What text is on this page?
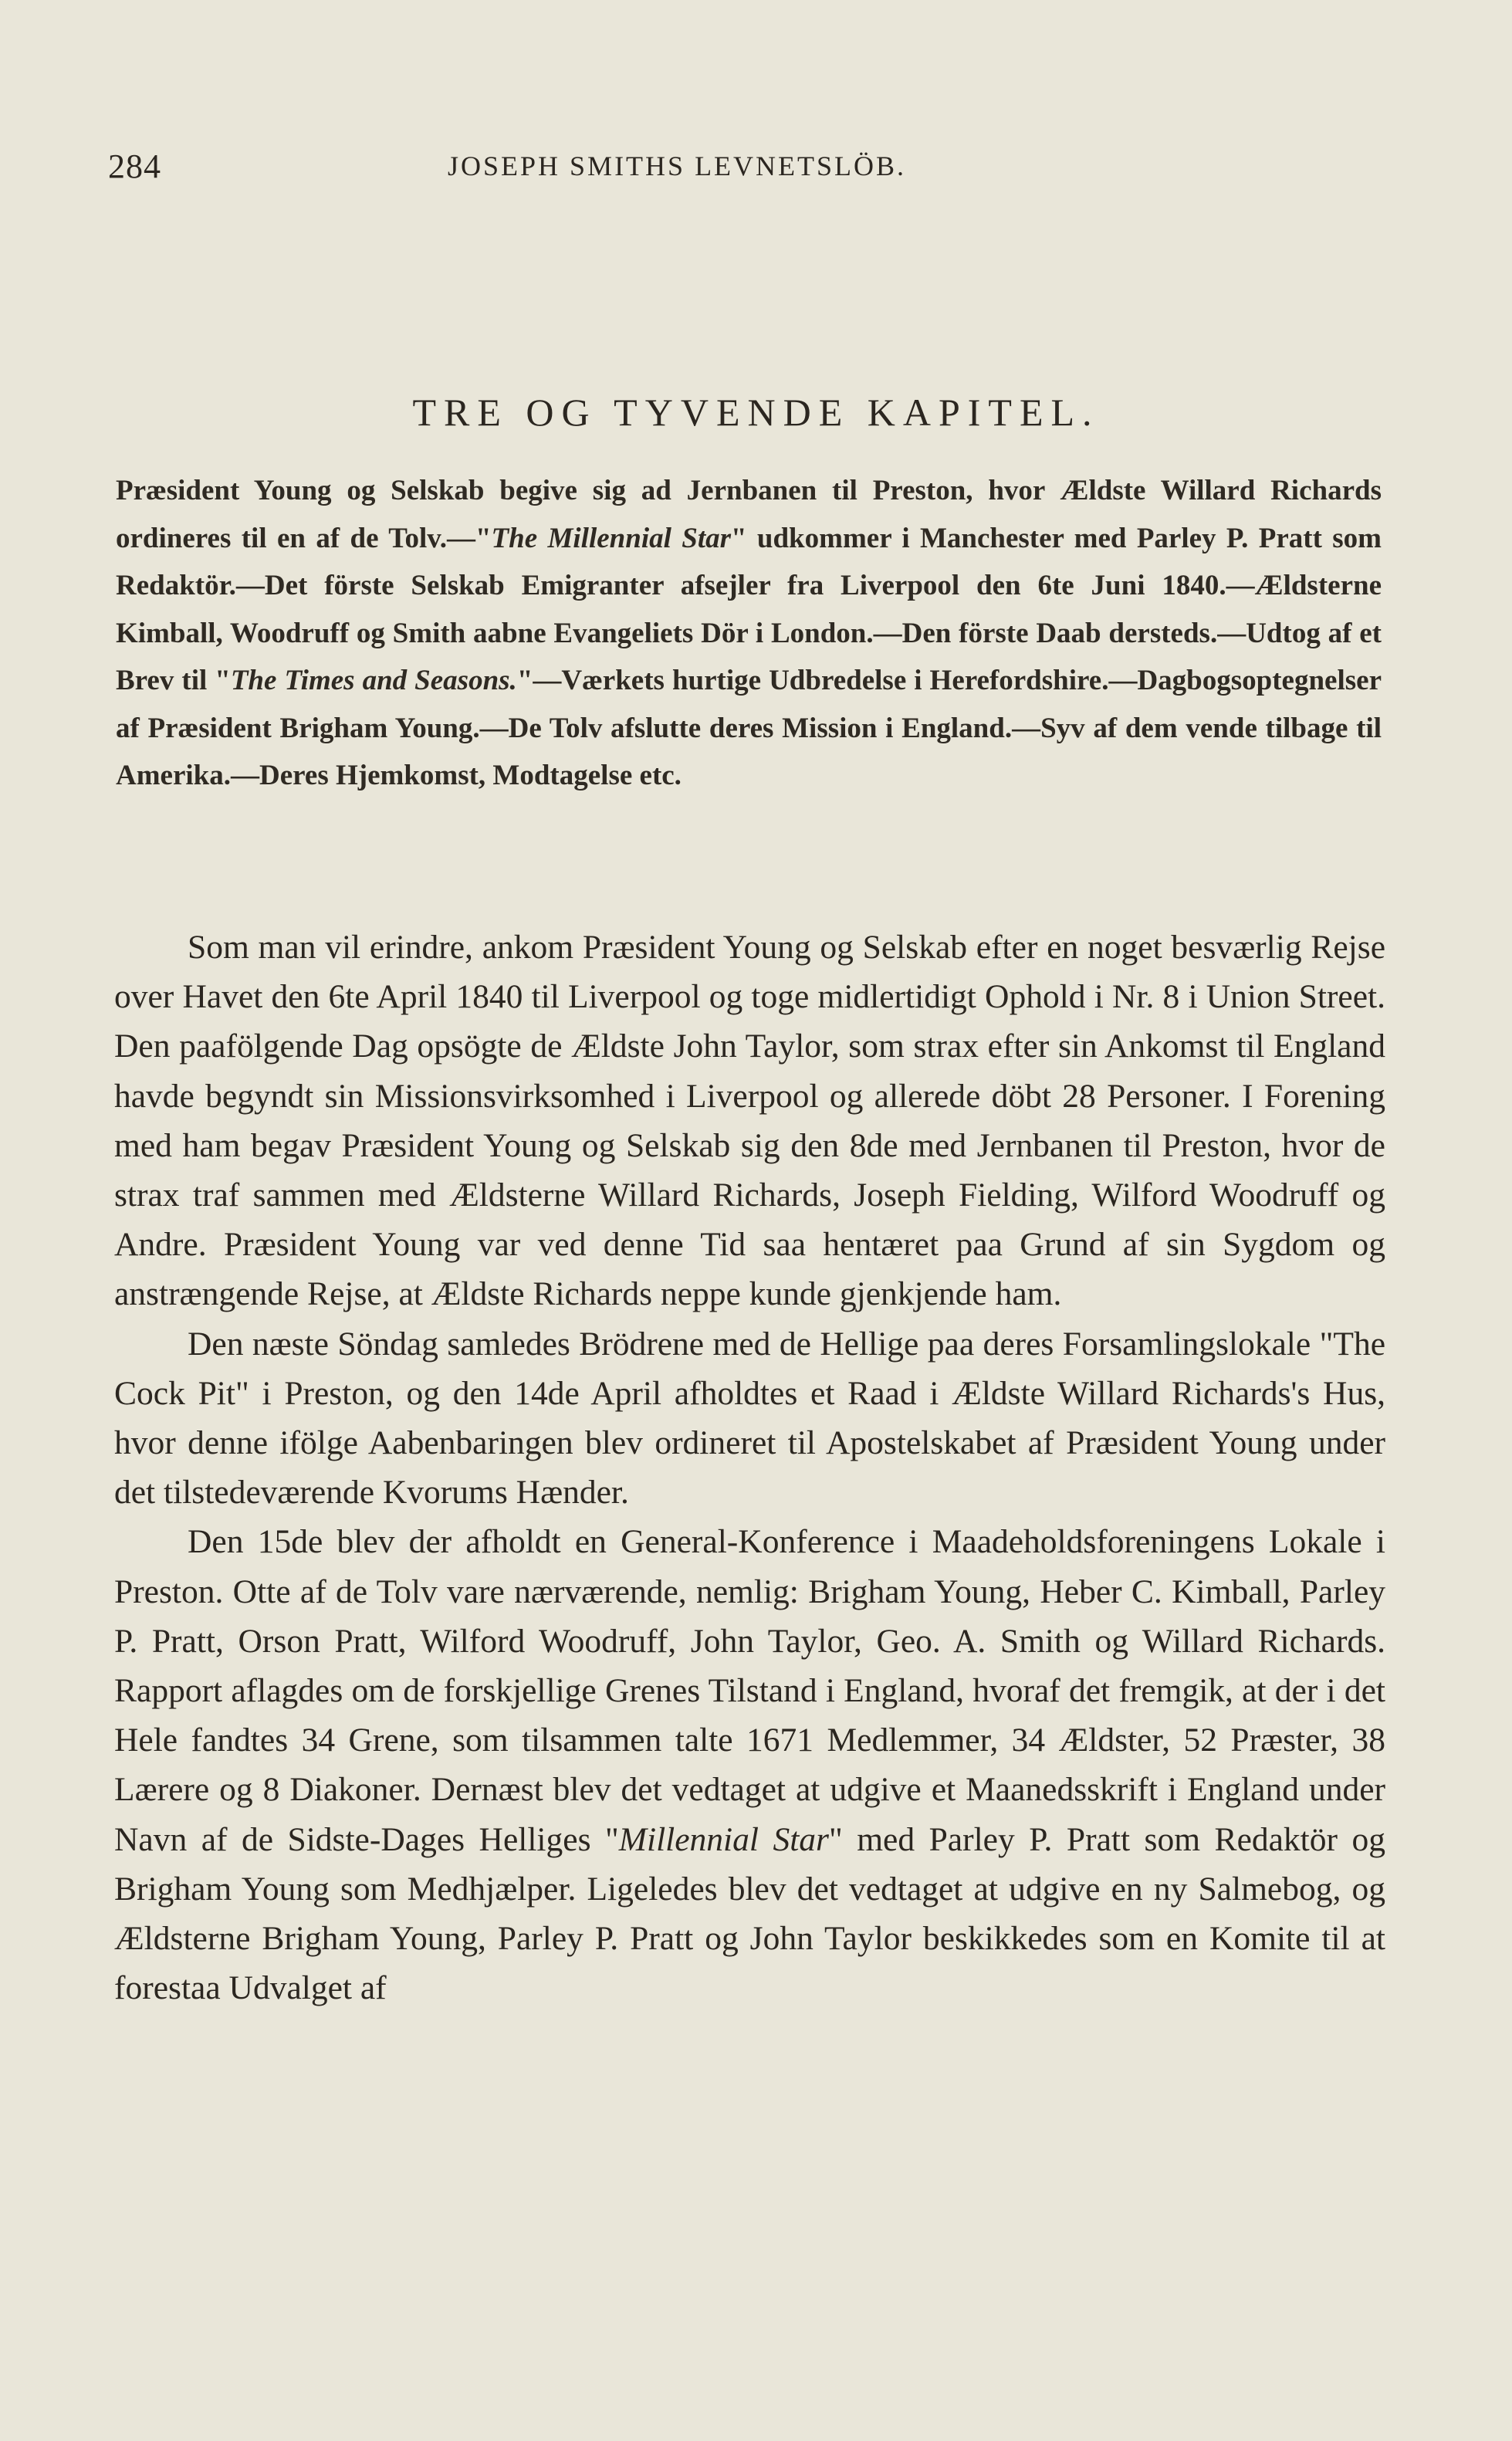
284	JOSEPH SMITHS LEVNETSLÖB.
TRE OG TYVENDE KAPITEL.
Præsident Young og Selskab begive sig ad Jernbanen til Preston, hvor Ældste Willard Richards ordineres til en af de Tolv.—"The Millennial Star" udkommer i Manchester med Parley P. Pratt som Redaktör.—Det förste Selskab Emigranter afsejler fra Liverpool den 6te Juni 1840.—Ældsterne Kimball, Woodruff og Smith aabne Evangeliets Dör i London.—Den förste Daab dersteds.—Udtog af et Brev til "The Times and Seasons."—Værkets hurtige Udbredelse i Herefordshire.—Dagbogsoptegnelser af Præsident Brigham Young.—De Tolv afslutte deres Mission i England.—Syv af dem vende tilbage til Amerika.—Deres Hjemkomst, Modtagelse etc.

Som man vil erindre, ankom Præsident Young og Selskab efter en noget besværlig Rejse over Havet den 6te April 1840 til Liverpool og toge midlertidigt Ophold i Nr. 8 i Union Street. Den paafölgende Dag opsögte de Ældste John Taylor, som strax efter sin Ankomst til England havde begyndt sin Missionsvirksomhed i Liverpool og allerede döbt 28 Personer. I Forening med ham begav Præsident Young og Selskab sig den 8de med Jernbanen til Preston, hvor de strax traf sammen med Ældsterne Willard Richards, Joseph Fielding, Wilford Woodruff og Andre. Præsident Young var ved denne Tid saa hentæret paa Grund af sin Sygdom og anstrængende Rejse, at Ældste Richards neppe kunde gjenkjende ham.

Den næste Söndag samledes Brödrene med de Hellige paa deres Forsamlingslokale "The Cock Pit" i Preston, og den 14de April afholdtes et Raad i Ældste Willard Richards's Hus, hvor denne ifölge Aabenbaringen blev ordineret til Apostelskabet af Præsident Young under det tilstedeværende Kvorums Hænder.

Den 15de blev der afholdt en General-Konference i Maadeholdsforeningens Lokale i Preston. Otte af de Tolv vare nærværende, nemlig: Brigham Young, Heber C. Kimball, Parley P. Pratt, Orson Pratt, Wilford Woodruff, John Taylor, Geo. A. Smith og Willard Richards. Rapport aflagdes om de forskjellige Grenes Tilstand i England, hvoraf det fremgik, at der i det Hele fandtes 34 Grene, som tilsammen talte 1671 Medlemmer, 34 Ældster, 52 Præster, 38 Lærere og 8 Diakoner. Dernæst blev det vedtaget at udgive et Maanedsskrift i England under Navn af de Sidste-Dages Helliges "Millennial Star" med Parley P. Pratt som Redaktör og Brigham Young som Medhjælper. Ligeledes blev det vedtaget at udgive en ny Salmebog, og Ældsterne Brigham Young, Parley P. Pratt og John Taylor beskikkedes som en Komite til at forestaa Udvalget af
